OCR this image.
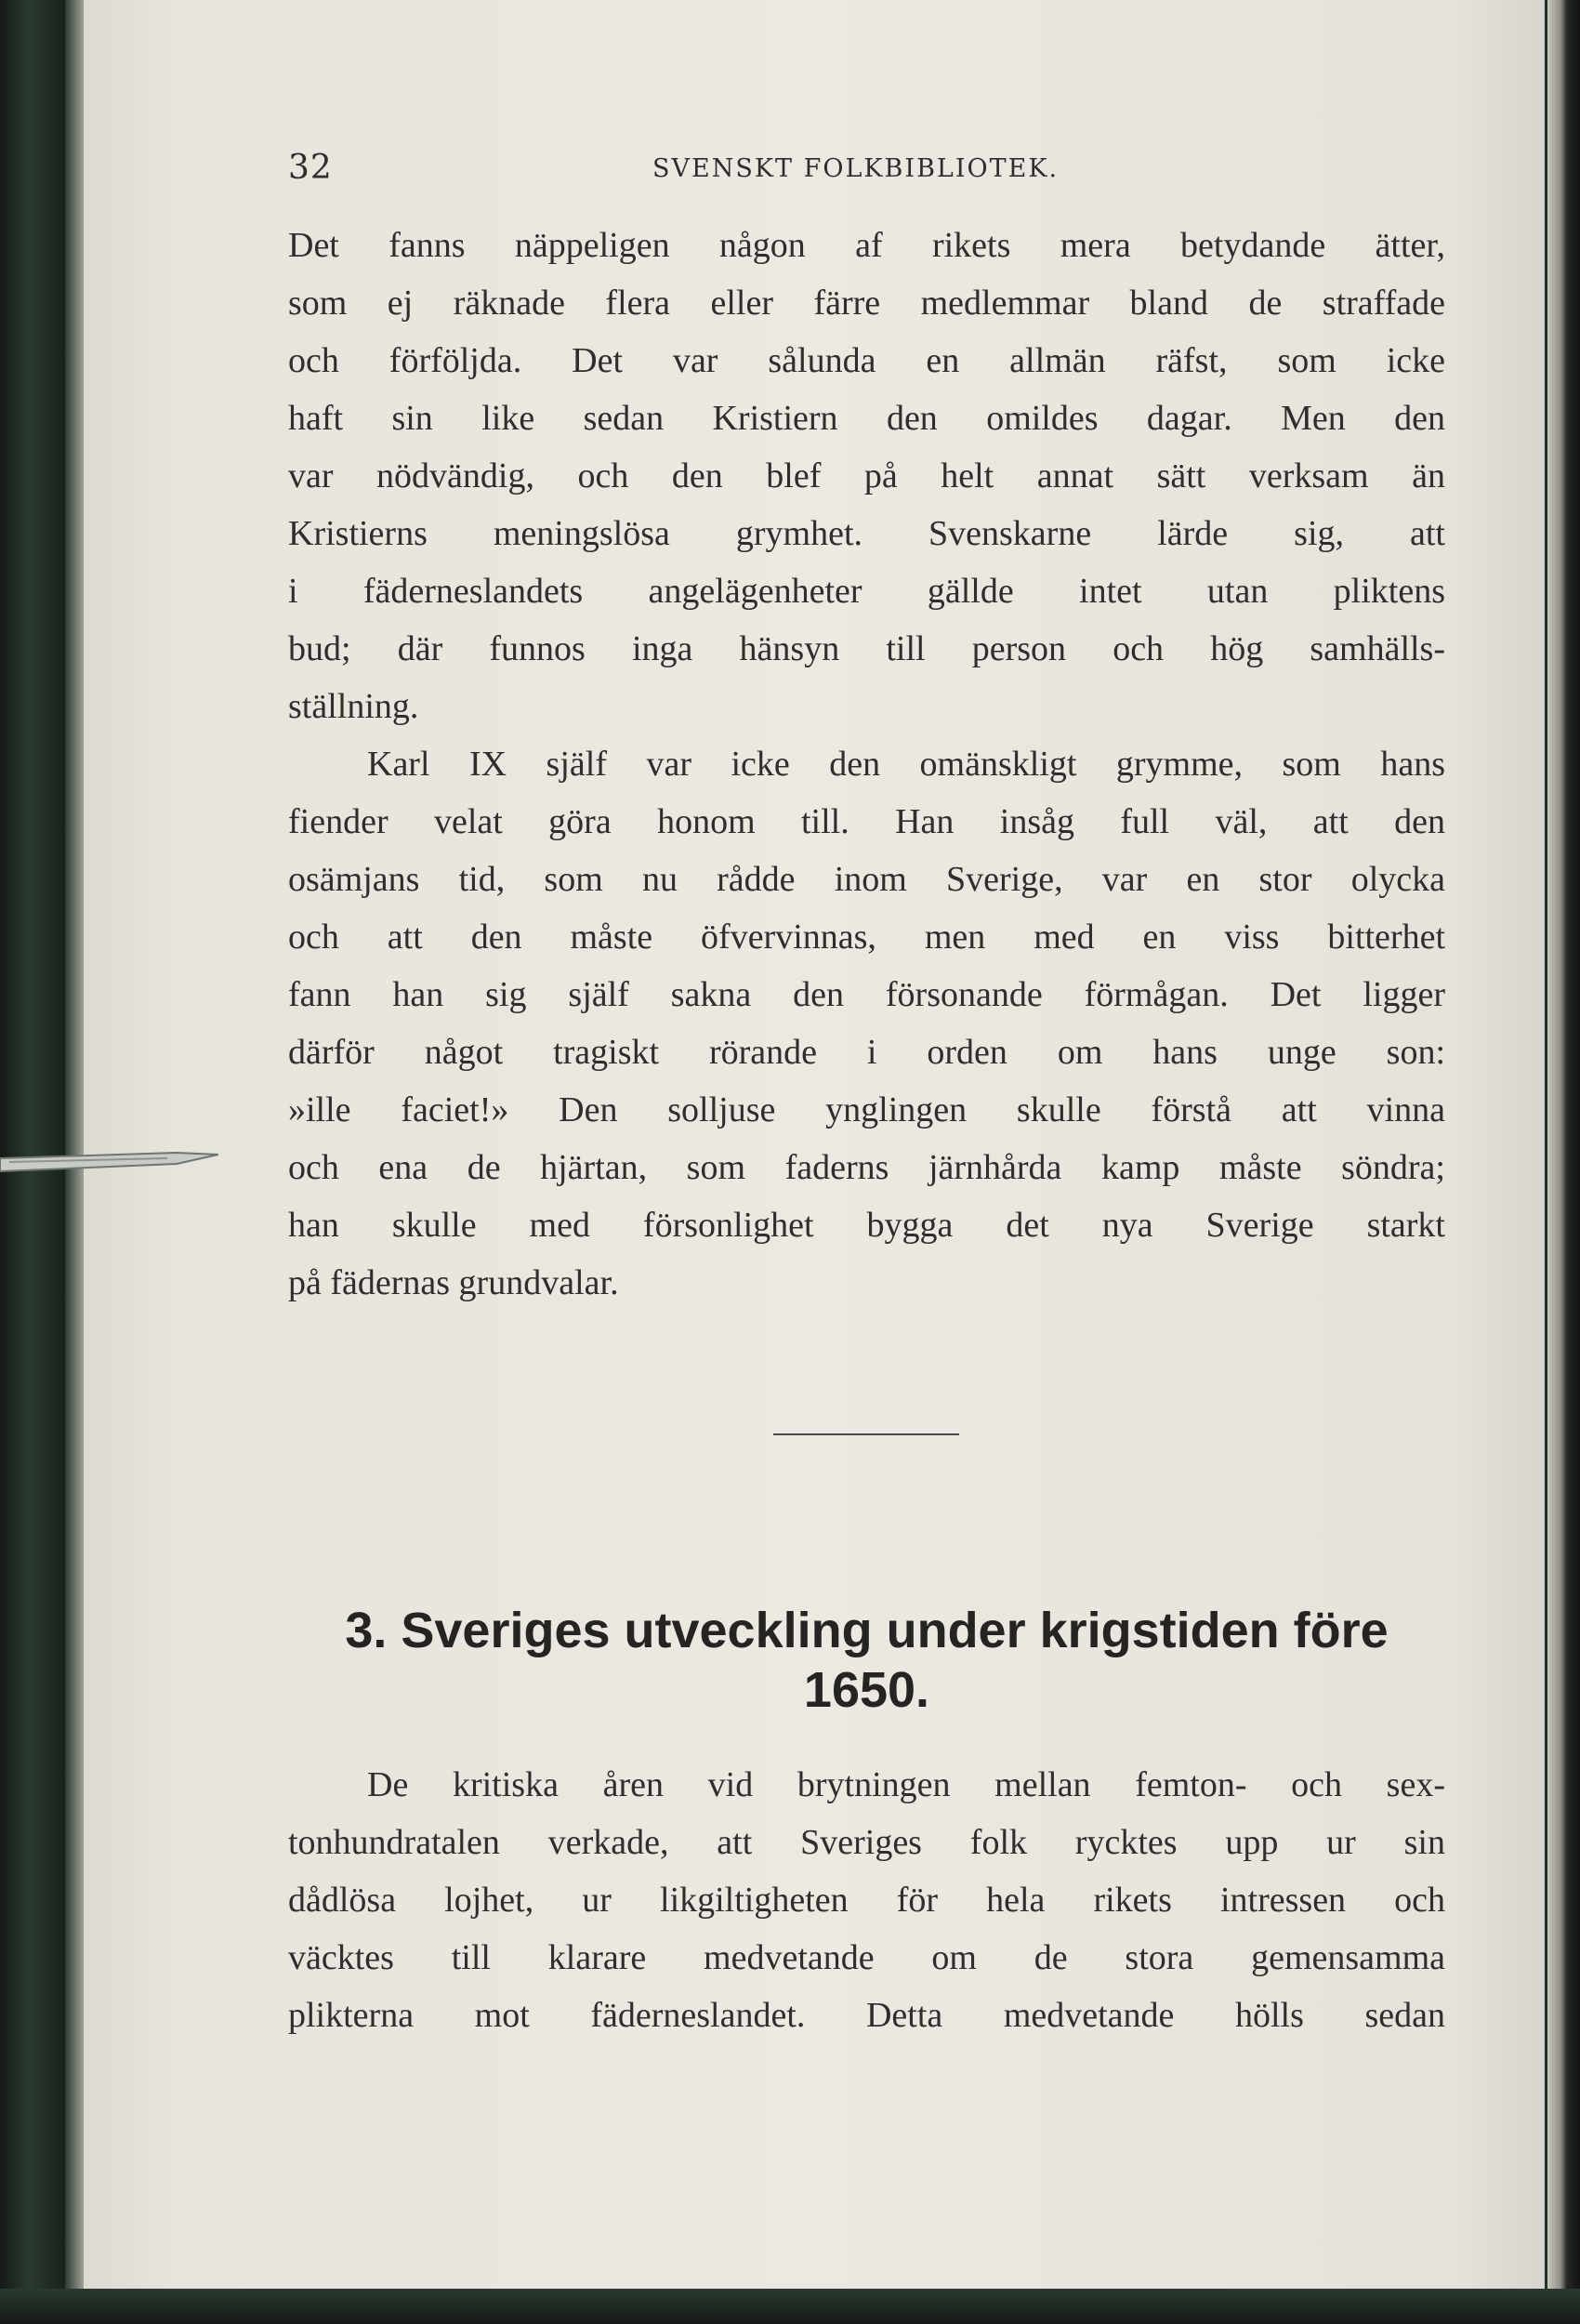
32	SVENSKT FOLKBIBLIOTEK.
Det fanns näppeligen någon af rikets mera betydande ätter,
som ej räknade flera eller färre medlemmar bland de straffade
och förföljda. Det var sålunda en allmän räfst, som icke
haft sin like sedan Kristiern den omildes dagar. Men den
var nödvändig, och den blef på helt annat sätt verksam än
Kristierns meningslösa grymhet. Svenskarne lärde sig, att
i fäderneslandets angelägenheter gällde intet utan pliktens
bud; där funnos inga hänsyn till person och hög samhälls-
ställning.
Karl IX själf var icke den omänskligt grymme, som hans
fiender velat göra honom till. Han insåg full väl, att den
osämjans tid, som nu rådde inom Sverige, var en stor olycka
och att den måste öfvervinnas, men med en viss bitterhet
fann han sig själf sakna den försonande förmågan. Det ligger
därför något tragiskt rörande i orden om hans unge son:
»ille faciet!» Den solljuse ynglingen skulle förstå att vinna
och ena de hjärtan, som faderns järnhårda kamp måste söndra;
han skulle med försonlighet bygga det nya Sverige starkt
på fädernas grundvalar.
3. Sveriges utveckling under krigstiden före
1650.
De kritiska åren vid brytningen mellan femton- och sex-
tonhundratalen verkade, att Sveriges folk rycktes upp ur sin
dådlösa lojhet, ur likgiltigheten för hela rikets intressen och
väcktes till klarare medvetande om de stora gemensamma
plikterna mot fäderneslandet. Detta medvetande hölls sedan
